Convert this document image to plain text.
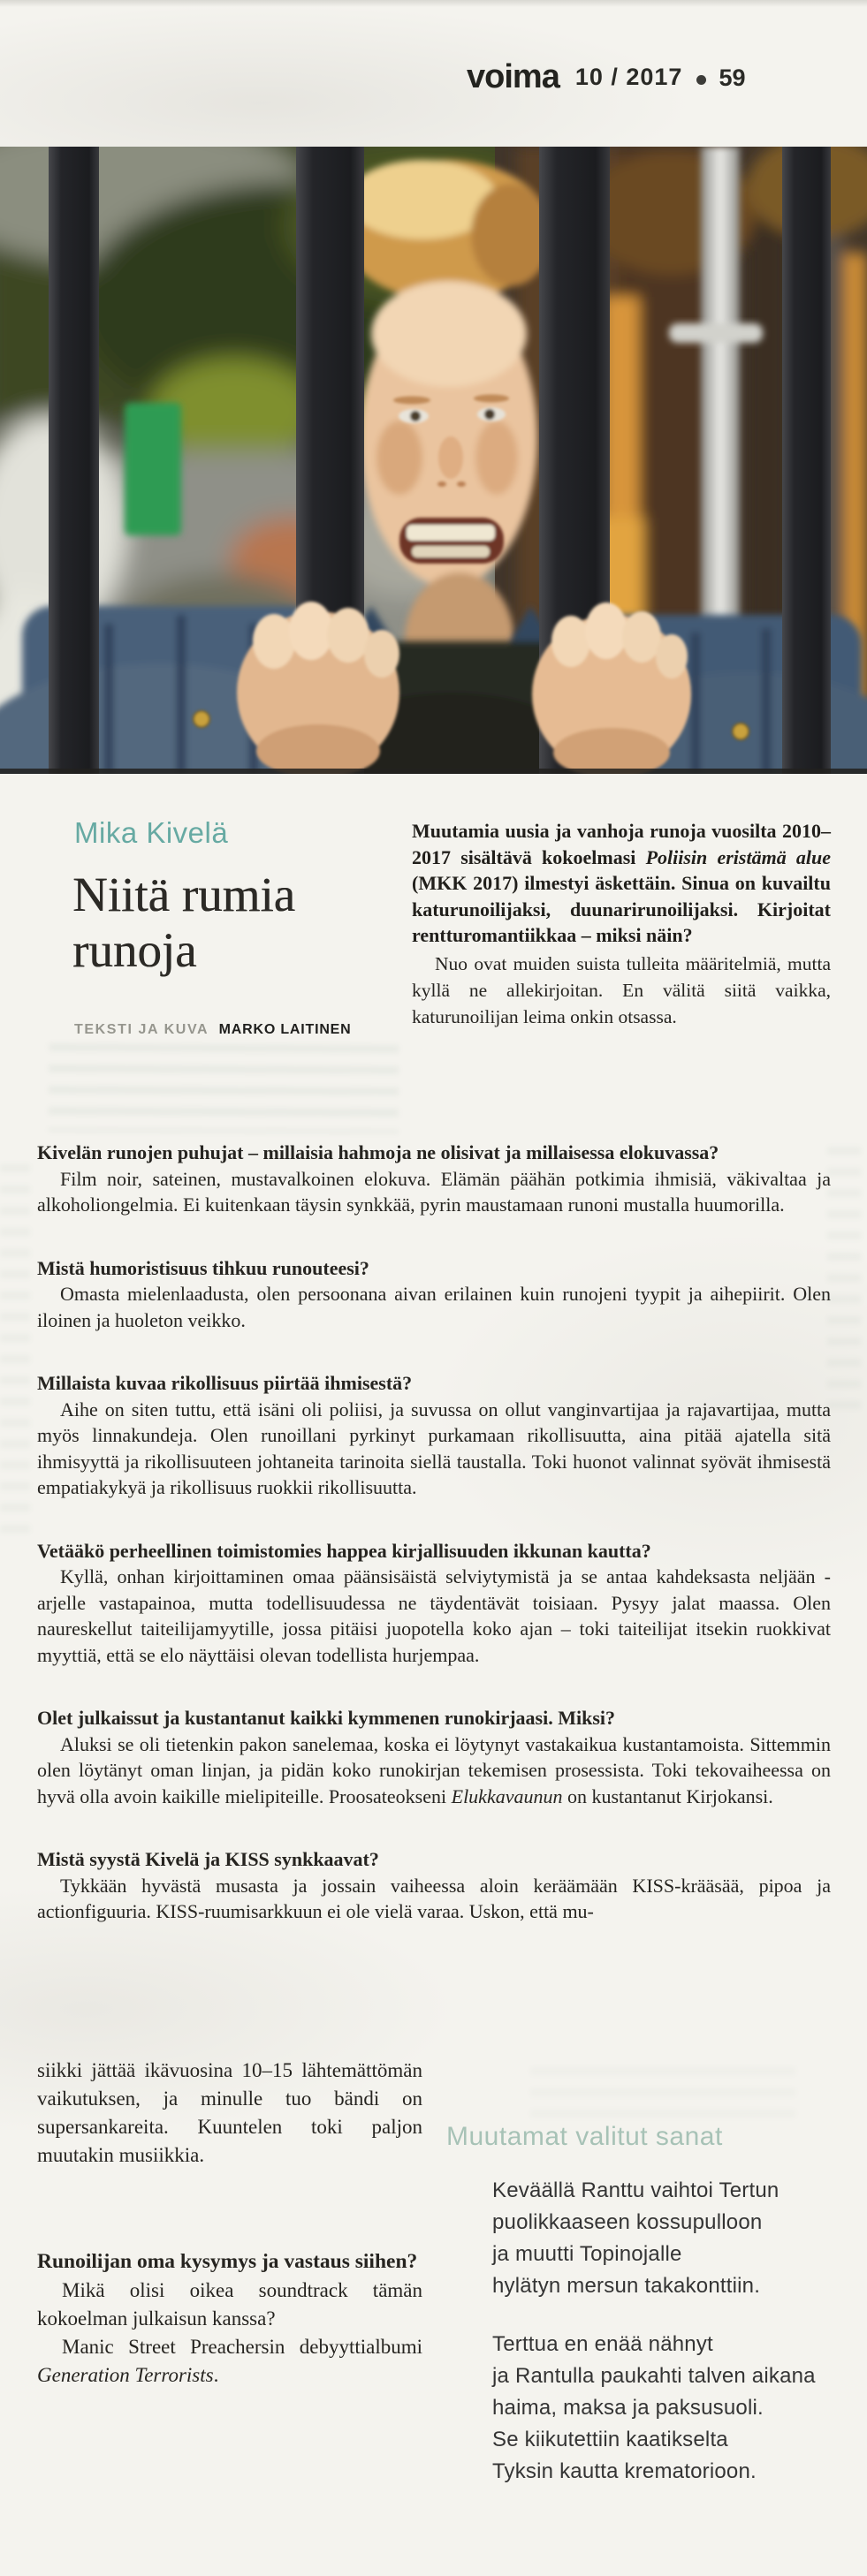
voima 10 / 2017 59
Mika Kivelä
Niitä rumia
runoja
TEKSTI JA KUVA MARKO LAITINEN

Muutamia uusia ja vanhoja runoja vuosilta 2010–2017 sisältävä kokoelmasi Poliisin eristämä alue (MKK 2017) ilmestyi äskettäin. Sinua on kuvailtu katurunoilijaksi, duunarirunoilijaksi. Kirjoitat rentturomantiikkaa – miksi näin?

Nuo ovat muiden suista tulleita määritelmiä, mutta kyllä ne allekirjoitan. En välitä siitä vaikka, katurunoilijan leima onkin otsassa.

Kivelän runojen puhujat – millaisia hahmoja ne olisivat ja millaisessa elokuvassa?

Film noir, sateinen, mustavalkoinen elokuva. Elämän päähän potkimia ihmisiä, väkivaltaa ja alkoholiongelmia. Ei kuitenkaan täysin synkkää, pyrin maustamaan runoni mustalla huumorilla.

Mistä humoristisuus tihkuu runouteesi?

Omasta mielenlaadusta, olen persoonana aivan erilainen kuin runojeni tyypit ja aihepiirit. Olen iloinen ja huoleton veikko.

Millaista kuvaa rikollisuus piirtää ihmisestä?

Aihe on siten tuttu, että isäni oli poliisi, ja suvussa on ollut vanginvartijaa ja rajavartijaa, mutta myös linnakundeja. Olen runoillani pyrkinyt purkamaan rikollisuutta, aina pitää ajatella sitä ihmisyyttä ja rikollisuuteen johtaneita tarinoita siellä taustalla. Toki huonot valinnat syövät ihmisestä empatiakykyä ja rikollisuus ruokkii rikollisuutta.

Vetääkö perheellinen toimistomies happea kirjallisuuden ikkunan kautta?

Kyllä, onhan kirjoittaminen omaa päänsisäistä selviytymistä ja se antaa kahdeksasta neljään -arjelle vastapainoa, mutta todellisuudessa ne täydentävät toisiaan. Pysyy jalat maassa. Olen naureskellut taiteilijamyytille, jossa pitäisi juopotella koko ajan – toki taiteilijat itsekin ruokkivat myyttiä, että se elo näyttäisi olevan todellista hurjempaa.

Olet julkaissut ja kustantanut kaikki kymmenen runokirjaasi. Miksi?

Aluksi se oli tietenkin pakon sanelemaa, koska ei löytynyt vastakaikua kustantamoista. Sittemmin olen löytänyt oman linjan, ja pidän koko runokirjan tekemisen prosessista. Toki tekovaiheessa on hyvä olla avoin kaikille mielipiteille. Proosateokseni Elukkavaunun on kustantanut Kirjokansi.

Mistä syystä Kivelä ja KISS synkkaavat?

Tykkään hyvästä musasta ja jossain vaiheessa aloin keräämään KISS-krääsää, pipoa ja actionfiguuria. KISS-ruumisarkkuun ei ole vielä varaa. Uskon, että mu-

siikki jättää ikävuosina 10–15 lähtemättömän vaikutuksen, ja minulle tuo bändi on supersankareita. Kuuntelen toki paljon muutakin musiikkia.

Runoilijan oma kysymys ja vastaus siihen?

Mikä olisi oikea soundtrack tämän kokoelman julkaisun kanssa?

Manic Street Preachersin debyyttialbumi Generation Terrorists.

Muutamat valitut sanat

Keväällä Ranttu vaihtoi Tertun
puolikkaaseen kossupulloon
ja muutti Topinojalle
hylätyn mersun takakonttiin.
Terttua en enää nähnyt
ja Rantulla paukahti talven aikana
haima, maksa ja paksusuoli.
Se kiikutettiin kaatikselta
Tyksin kautta krematorioon.
